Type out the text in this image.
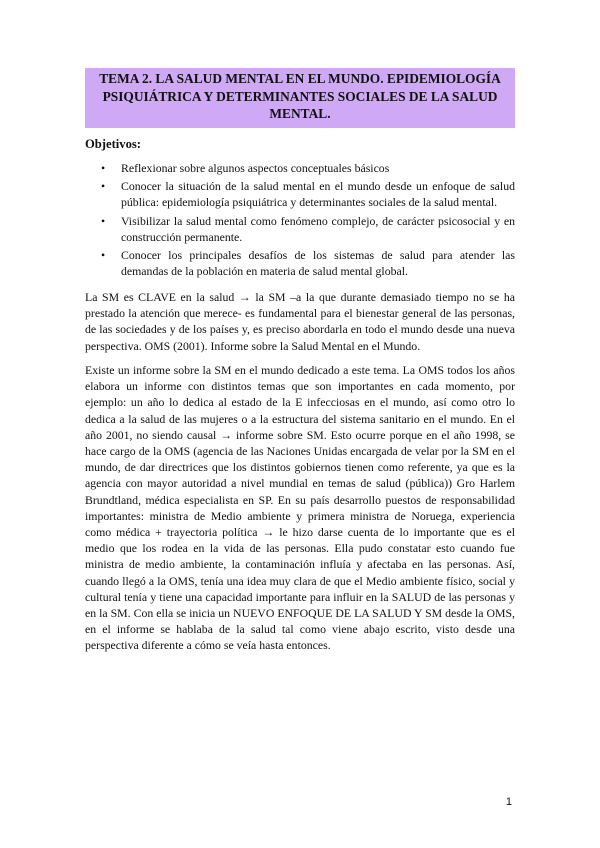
TEMA 2. LA SALUD MENTAL EN EL MUNDO. EPIDEMIOLOGÍA PSIQUIÁTRICA Y DETERMINANTES SOCIALES DE LA SALUD MENTAL.
Objetivos:
• Reflexionar sobre algunos aspectos conceptuales básicos
• Conocer la situación de la salud mental en el mundo desde un enfoque de salud pública: epidemiología psiquiátrica y determinantes sociales de la salud mental.
• Visibilizar la salud mental como fenómeno complejo, de carácter psicosocial y en construcción permanente.
• Conocer los principales desafíos de los sistemas de salud para atender las demandas de la población en materia de salud mental global.

La SM es CLAVE en la salud → la SM –a la que durante demasiado tiempo no se ha prestado la atención que merece- es fundamental para el bienestar general de las personas, de las sociedades y de los países y, es preciso abordarla en todo el mundo desde una nueva perspectiva. OMS (2001). Informe sobre la Salud Mental en el Mundo.

Existe un informe sobre la SM en el mundo dedicado a este tema. La OMS todos los años elabora un informe con distintos temas que son importantes en cada momento, por ejemplo: un año lo dedica al estado de la E infecciosas en el mundo, así como otro lo dedica a la salud de las mujeres o a la estructura del sistema sanitario en el mundo. En el año 2001, no siendo causal → informe sobre SM. Esto ocurre porque en el año 1998, se hace cargo de la OMS (agencia de las Naciones Unidas encargada de velar por la SM en el mundo, de dar directrices que los distintos gobiernos tienen como referente, ya que es la agencia con mayor autoridad a nivel mundial en temas de salud (pública)) Gro Harlem Brundtland, médica especialista en SP. En su país desarrollo puestos de responsabilidad importantes: ministra de Medio ambiente y primera ministra de Noruega, experiencia como médica + trayectoria política → le hizo darse cuenta de lo importante que es el medio que los rodea en la vida de las personas. Ella pudo constatar esto cuando fue ministra de medio ambiente, la contaminación influía y afectaba en las personas. Así, cuando llegó a la OMS, tenía una idea muy clara de que el Medio ambiente físico, social y cultural tenía y tiene una capacidad importante para influir en la SALUD de las personas y en la SM. Con ella se inicia un NUEVO ENFOQUE DE LA SALUD Y SM desde la OMS, en el informe se hablaba de la salud tal como viene abajo escrito, visto desde una perspectiva diferente a cómo se veía hasta entonces.

1
